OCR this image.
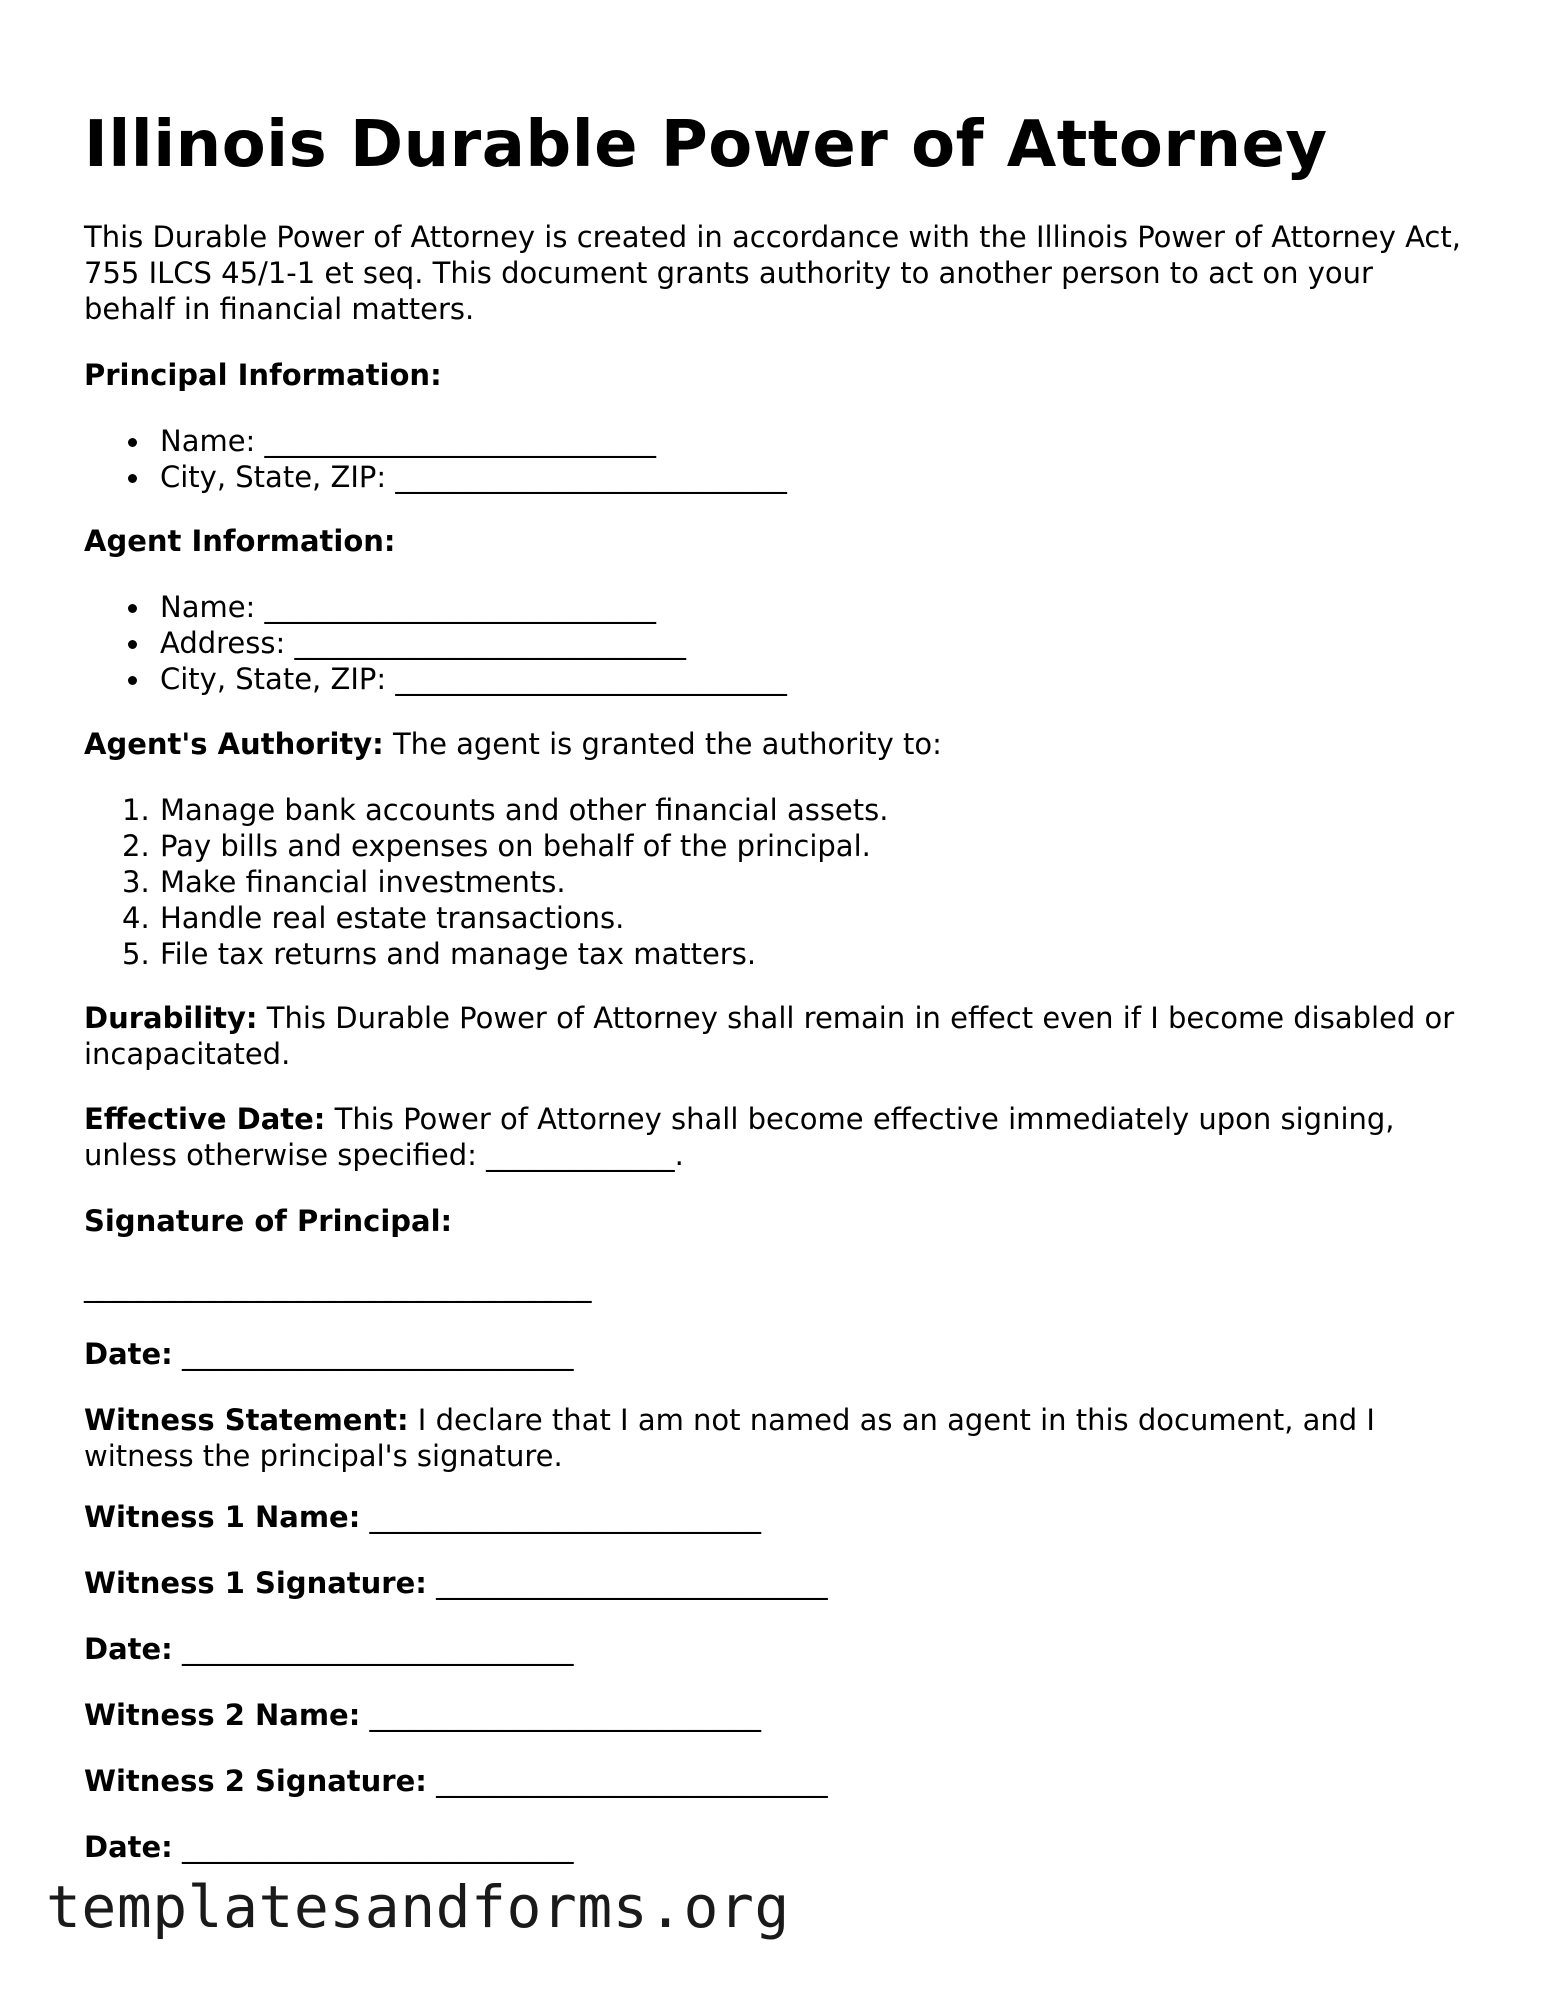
Illinois Durable Power of Attorney

This Durable Power of Attorney is created in accordance with the Illinois Power of Attorney Act, 755 ILCS 45/1-1 et seq. This document grants authority to another person to act on your behalf in financial matters.

Principal Information:
Name: ___________________________
City, State, ZIP: ___________________________
Agent Information:
Name: ___________________________
Address: ___________________________
City, State, ZIP: ___________________________
Agent's Authority: The agent is granted the authority to:
1. Manage bank accounts and other financial assets.
2. Pay bills and expenses on behalf of the principal.
3. Make financial investments.
4. Handle real estate transactions.
5. File tax returns and manage tax matters.
Durability: This Durable Power of Attorney shall remain in effect even if I become disabled or incapacitated.
Effective Date: This Power of Attorney shall become effective immediately upon signing, unless otherwise specified: _____________.
Signature of Principal:
___________________________________
Date: ___________________________
Witness Statement: I declare that I am not named as an agent in this document, and I witness the principal's signature.
Witness 1 Name: ___________________________
Witness 1 Signature: ___________________________
Date: ___________________________
Witness 2 Name: ___________________________
Witness 2 Signature: ___________________________
Date: ___________________________
templatesandforms.org
